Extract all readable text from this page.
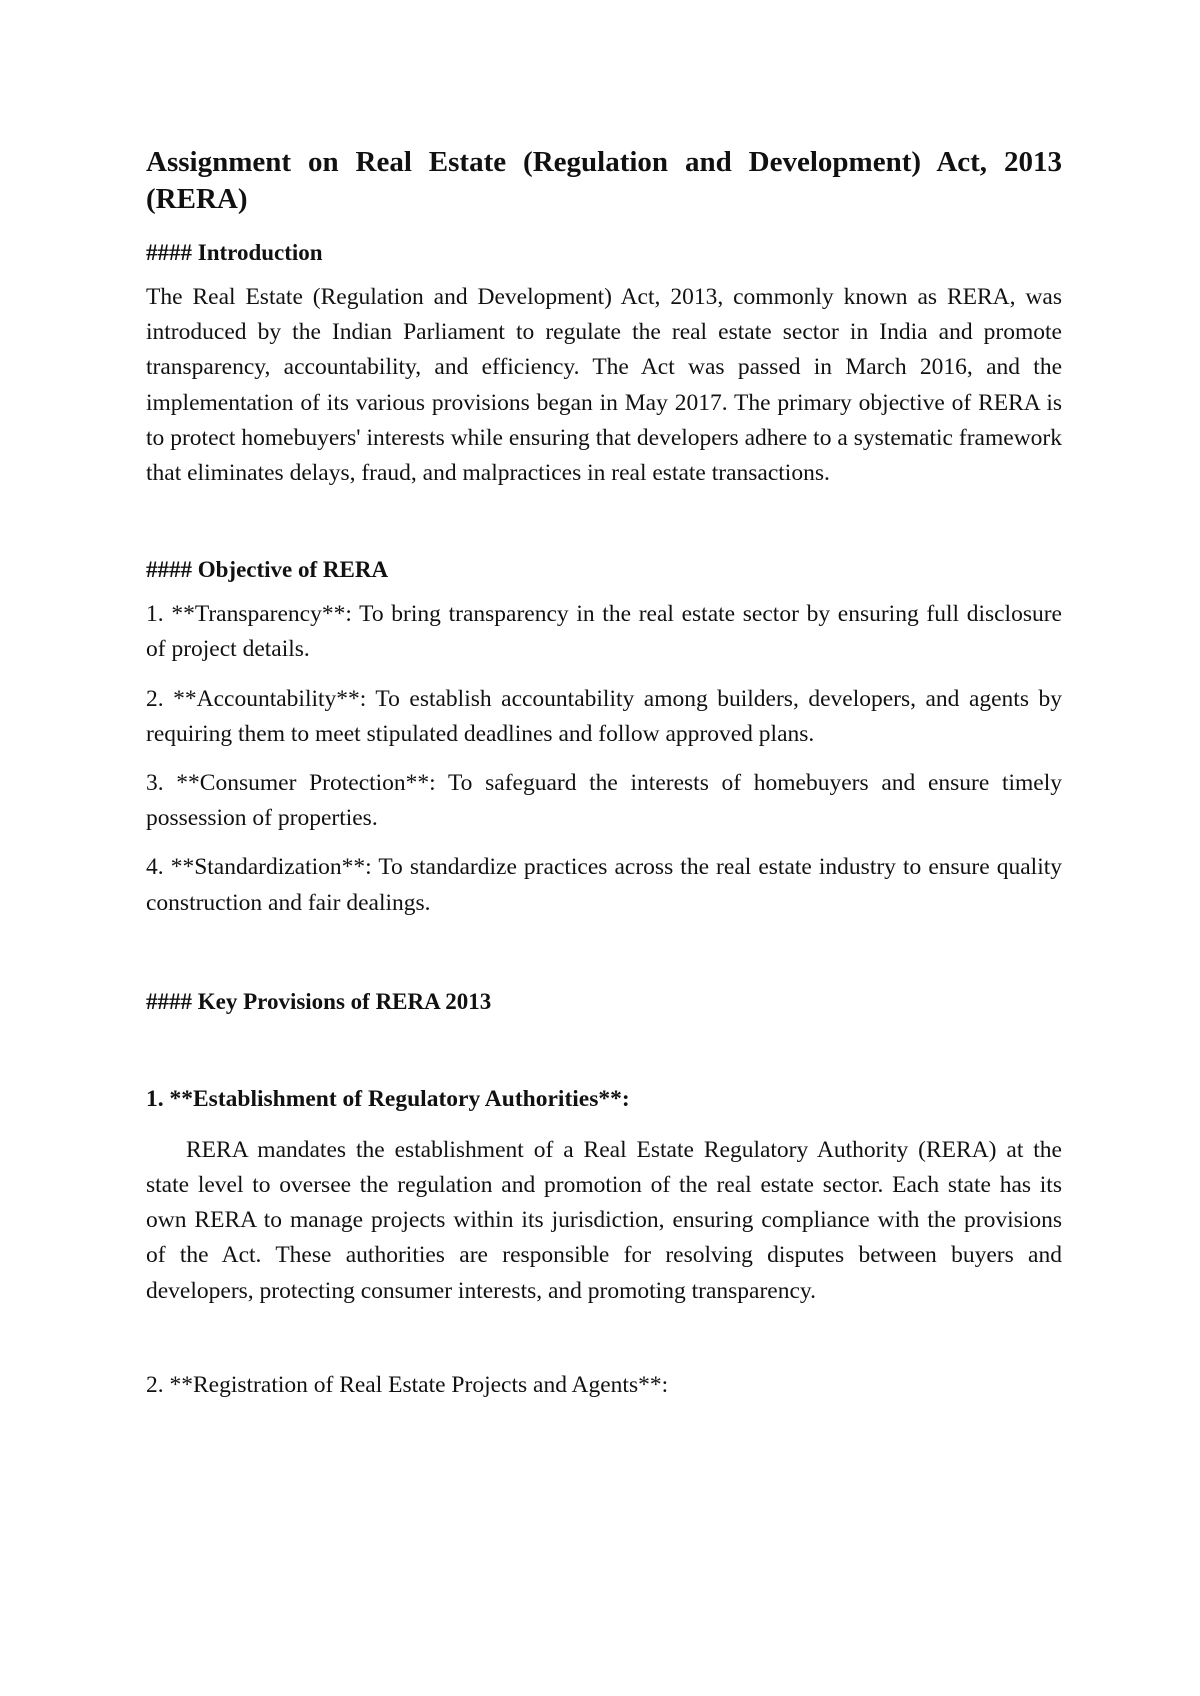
Assignment on Real Estate (Regulation and Development) Act, 2013 (RERA)
#### Introduction

The Real Estate (Regulation and Development) Act, 2013, commonly known as RERA, was introduced by the Indian Parliament to regulate the real estate sector in India and promote transparency, accountability, and efficiency. The Act was passed in March 2016, and the implementation of its various provisions began in May 2017. The primary objective of RERA is to protect homebuyers' interests while ensuring that developers adhere to a systematic framework that eliminates delays, fraud, and malpractices in real estate transactions.

#### Objective of RERA

1. **Transparency**: To bring transparency in the real estate sector by ensuring full disclosure of project details.

2. **Accountability**: To establish accountability among builders, developers, and agents by requiring them to meet stipulated deadlines and follow approved plans.

3. **Consumer Protection**: To safeguard the interests of homebuyers and ensure timely possession of properties.

4. **Standardization**: To standardize practices across the real estate industry to ensure quality construction and fair dealings.

#### Key Provisions of RERA 2013
1. **Establishment of Regulatory Authorities**:

RERA mandates the establishment of a Real Estate Regulatory Authority (RERA) at the state level to oversee the regulation and promotion of the real estate sector. Each state has its own RERA to manage projects within its jurisdiction, ensuring compliance with the provisions of the Act. These authorities are responsible for resolving disputes between buyers and developers, protecting consumer interests, and promoting transparency.

2. **Registration of Real Estate Projects and Agents**:
